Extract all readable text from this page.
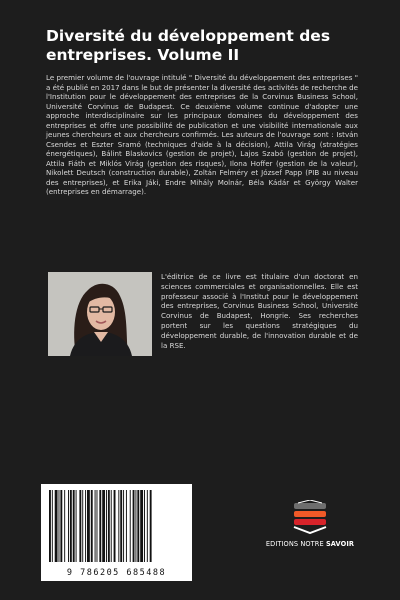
Diversité du développement des entreprises. Volume II

Le premier volume de l'ouvrage intitulé " Diversité du développement des entreprises " a été publié en 2017 dans le but de présenter la diversité des activités de recherche de l'Institution pour le développement des entreprises de la Corvinus Business School, Université Corvinus de Budapest. Ce deuxième volume continue d'adopter une approche interdisciplinaire sur les principaux domaines du développement des entreprises et offre une possibilité de publication et une visibilité internationale aux jeunes chercheurs et aux chercheurs confirmés. Les auteurs de l'ouvrage sont : István Csendes et Eszter Sramó (techniques d'aide à la décision), Attila Virág (stratégies énergétiques), Bálint Blaskovics (gestion de projet), Lajos Szabó (gestion de projet), Attila Fiáth et Miklós Virág (gestion des risques), Ilona Hoffer (gestion de la valeur), Nikolett Deutsch (construction durable), Zoltán Felméry et József Papp (PIB au niveau des entreprises), et Erika Jáki, Endre Mihály Molnár, Béla Kádár et György Walter (entreprises en démarrage).

L'éditrice de ce livre est titulaire d'un doctorat en sciences commerciales et organisationnelles. Elle est professeur associé à l'Institut pour le développement des entreprises, Corvinus Business School, Université Corvinus de Budapest, Hongrie. Ses recherches portent sur les questions stratégiques du développement durable, de l'innovation durable et de la RSE.

9 786205 685488
EDITIONS NOTRE SAVOIR
